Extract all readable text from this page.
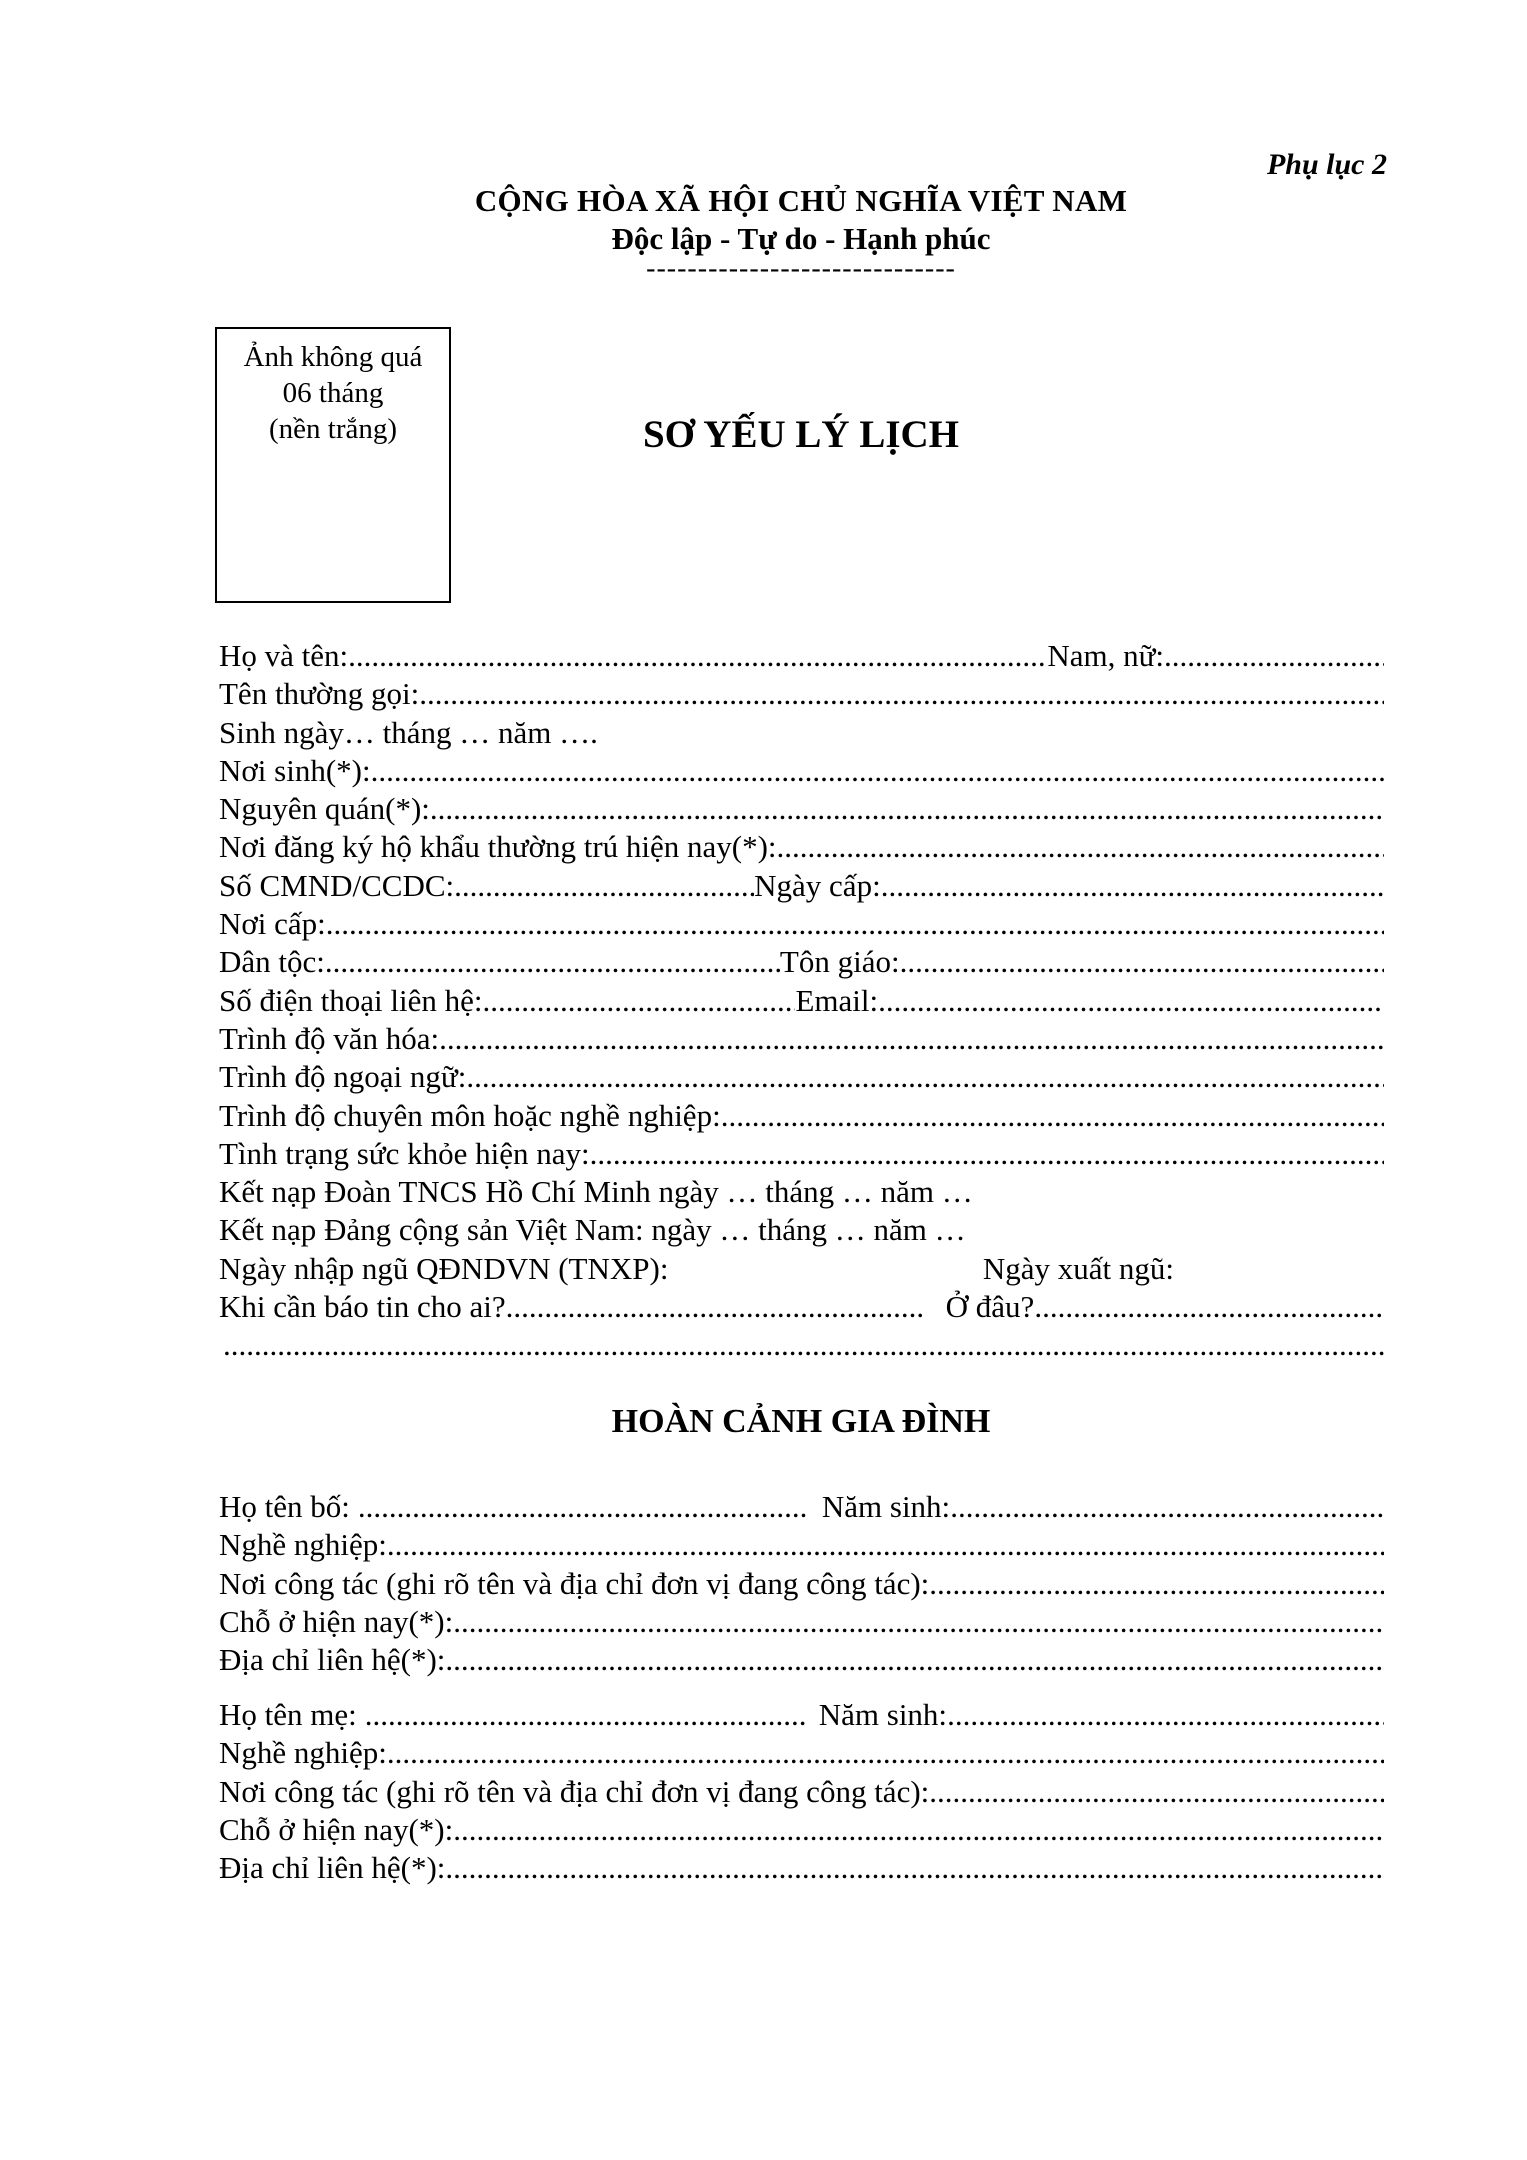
Phụ lục 2
CỘNG HÒA XÃ HỘI CHỦ NGHĨA VIỆT NAM
Độc lập - Tự do - Hạnh phúc
------------------------------
Ảnh không quá
06 tháng
(nền trắng)	SƠ YẾU LÝ LỊCH
Họ và tên: .....	Nam, nữ:
.....
Tên thường gọi:
.....
Sinh ngày… tháng … năm ….
Nơi sinh(*):
.....
Nguyên quán(*):
.....
Nơi đăng ký hộ khẩu thường trú hiện nay(*):
.....
Số CMND/CCDC: .....	Ngày cấp:
.....
Nơi cấp:
.....
Dân tộc: .....	Tôn giáo:
.....
Số điện thoại liên hệ: .....	Email:
.....
Trình độ văn hóa:
.....
Trình độ ngoại ngữ:
.....
Trình độ chuyên môn hoặc nghề nghiệp:
.....
Tình trạng sức khỏe hiện nay:
.....
Kết nạp Đoàn TNCS Hồ Chí Minh ngày … tháng … năm …
Kết nạp Đảng cộng sản Việt Nam: ngày … tháng … năm …
Ngày nhập ngũ QĐNDVN (TNXP):	Ngày xuất ngũ:
Khi cần báo tin cho ai? .....	Ở đâu?
.....
.....
HOÀN CẢNH GIA ĐÌNH
Họ tên bố: .....	Năm sinh:
.....
Nghề nghiệp:
.....
Nơi công tác (ghi rõ tên và địa chỉ đơn vị đang công tác):
.....
Chỗ ở hiện nay(*):
.....
Địa chỉ liên hệ(*):
.....
Họ tên mẹ: .....	Năm sinh:
.....
Nghề nghiệp:
.....
Nơi công tác (ghi rõ tên và địa chỉ đơn vị đang công tác):
.....
Chỗ ở hiện nay(*):
.....
Địa chỉ liên hệ(*):
.....
